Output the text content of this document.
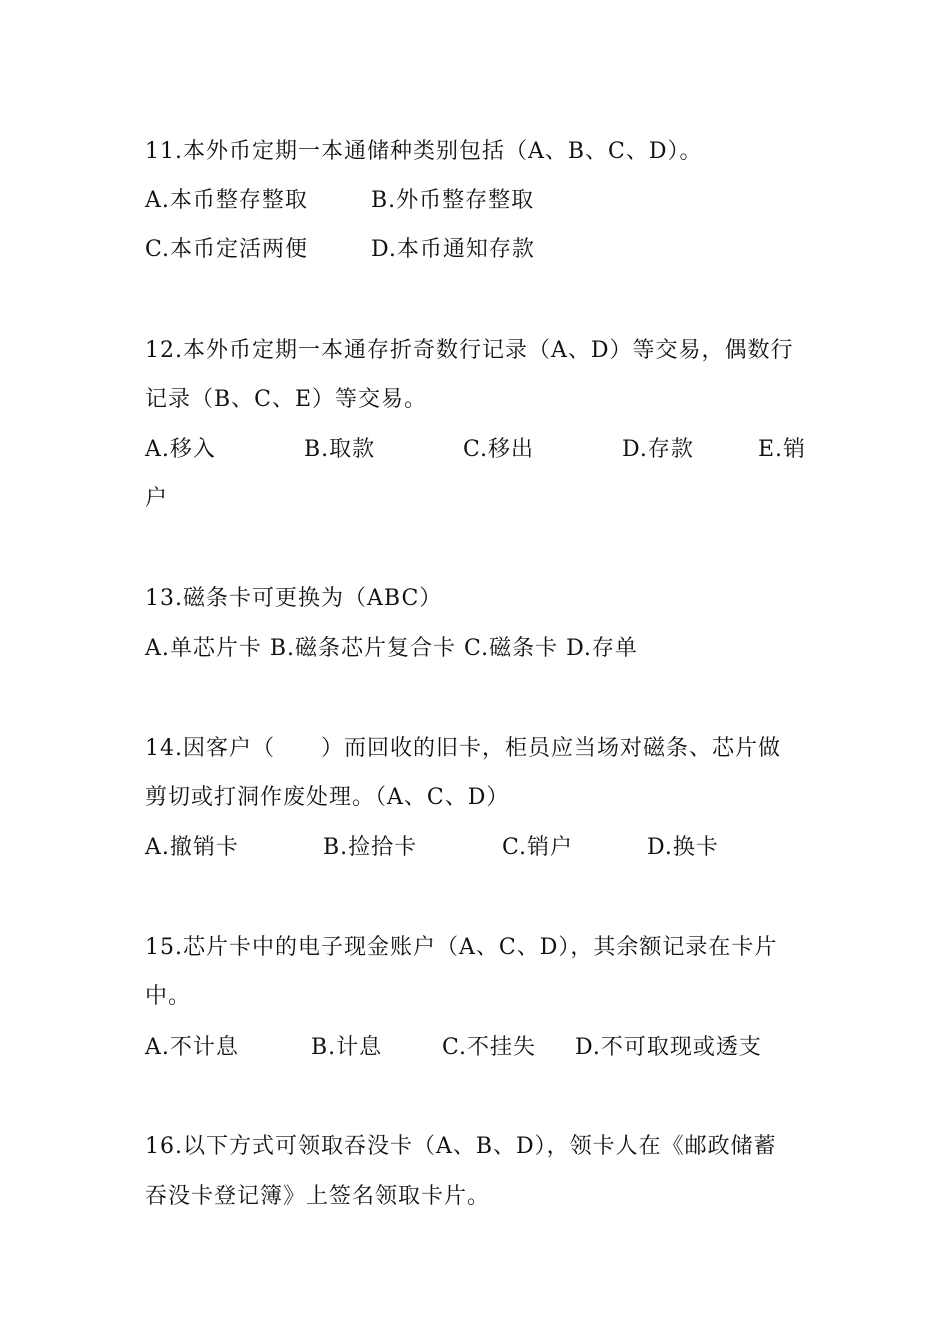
11.本外币定期一本通储种类别包括（A、B、C、D）。
A.本币整存整取	B.外币整存整取
C.本币定活两便	D.本币通知存款
12.本外币定期一本通存折奇数行记录（A、D）等交易，偶数行
记录（B、C、E）等交易。
A.移入	B.取款	C.移出	D.存款	E.销
户
13.磁条卡可更换为（ABC）
A.单芯片卡 B.磁条芯片复合卡 C.磁条卡 D.存单
14.因客户（　　）而回收的旧卡，柜员应当场对磁条、芯片做
剪切或打洞作废处理。（A、C、D）
A.撤销卡	B.捡拾卡	C.销户	D.换卡
15.芯片卡中的电子现金账户（A、C、D），其余额记录在卡片
中。
A.不计息	B.计息	C.不挂失 D.不可取现或透支
16.以下方式可领取吞没卡（A、B、D），领卡人在《邮政储蓄
吞没卡登记簿》上签名领取卡片。
